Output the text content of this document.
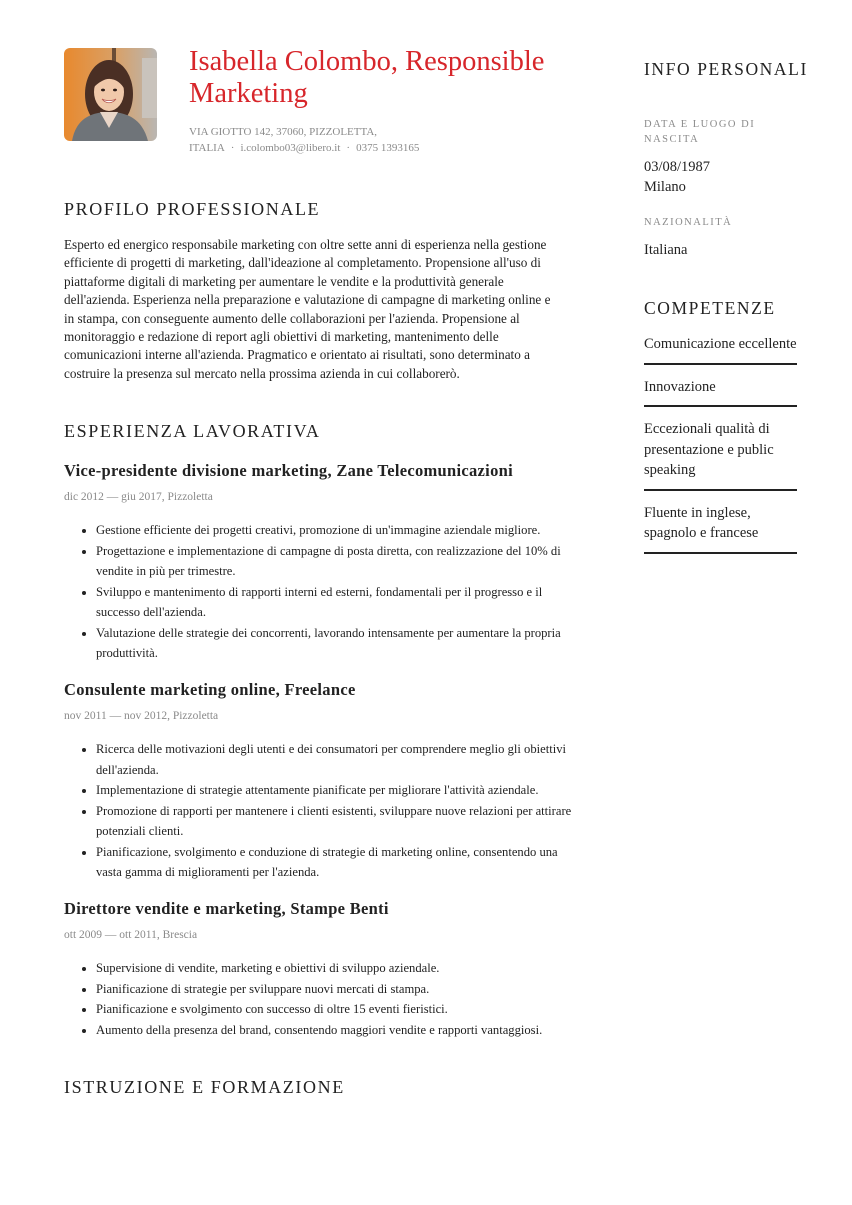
Isabella Colombo, Responsible Marketing
VIA GIOTTO 142, 37060, PIZZOLETTA, ITALIA · i.colombo03@libero.it · 0375 1393165
PROFILO PROFESSIONALE
Esperto ed energico responsabile marketing con oltre sette anni di esperienza nella gestione efficiente di progetti di marketing, dall'ideazione al completamento. Propensione all'uso di piattaforme digitali di marketing per aumentare le vendite e la produttività generale dell'azienda. Esperienza nella preparazione e valutazione di campagne di marketing online e in stampa, con conseguente aumento delle collaborazioni per l'azienda. Propensione al monitoraggio e redazione di report agli obiettivi di marketing, mantenimento delle comunicazioni interne all'azienda. Pragmatico e orientato ai risultati, sono determinato a costruire la presenza sul mercato nella prossima azienda in cui collaborerò.
ESPERIENZA LAVORATIVA
Vice-presidente divisione marketing, Zane Telecomunicazioni
dic 2012 — giu 2017, Pizzoletta
• Gestione efficiente dei progetti creativi, promozione di un'immagine aziendale migliore.
• Progettazione e implementazione di campagne di posta diretta, con realizzazione del 10% di vendite in più per trimestre.
• Sviluppo e mantenimento di rapporti interni ed esterni, fondamentali per il progresso e il successo dell'azienda.
• Valutazione delle strategie dei concorrenti, lavorando intensamente per aumentare la propria produttività.
Consulente marketing online, Freelance
nov 2011 — nov 2012, Pizzoletta
• Ricerca delle motivazioni degli utenti e dei consumatori per comprendere meglio gli obiettivi dell'azienda.
• Implementazione di strategie attentamente pianificate per migliorare l'attività aziendale.
• Promozione di rapporti per mantenere i clienti esistenti, sviluppare nuove relazioni per attirare potenziali clienti.
• Pianificazione, svolgimento e conduzione di strategie di marketing online, consentendo una vasta gamma di miglioramenti per l'azienda.
Direttore vendite e marketing, Stampe Benti
ott 2009 — ott 2011, Brescia
• Supervisione di vendite, marketing e obiettivi di sviluppo aziendale.
• Pianificazione di strategie per sviluppare nuovi mercati di stampa.
• Pianificazione e svolgimento con successo di oltre 15 eventi fieristici.
• Aumento della presenza del brand, consentendo maggiori vendite e rapporti vantaggiosi.
ISTRUZIONE E FORMAZIONE
INFO PERSONALI
DATA E LUOGO DI NASCITA
03/08/1987
Milano
NAZIONALITÀ
Italiana
COMPETENZE
Comunicazione eccellente
Innovazione
Eccezionali qualità di presentazione e public speaking
Fluente in inglese, spagnolo e francese
